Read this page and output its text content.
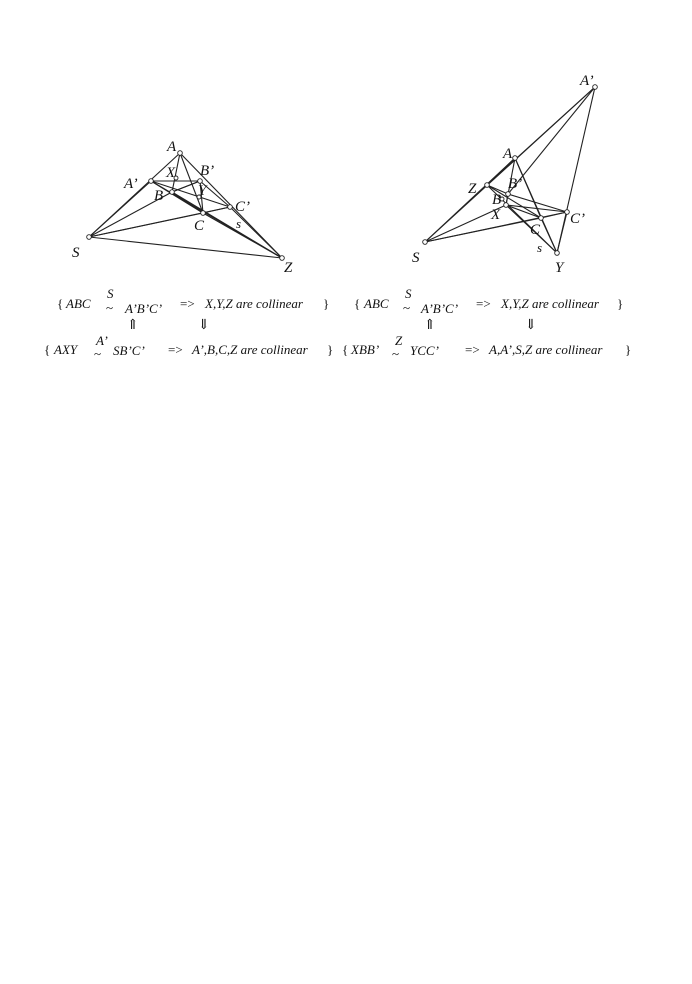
A
A’
B’
B
C
C’
X
Y
S
Z
s
A’
A
Z B’
B
X
C
C’
S
Y
s
{ ABC
S
~ A’B’C’ => X,Y,Z are collinear }
⇑	⇓
{ AXY
A’
~ SB’C’ => A’,B,C,Z are collinear }
{ ABC
S
~ A’B’C’ => X,Y,Z are collinear }
⇑	⇓
{ XBB’
Z
~ YCC’ => A,A’,S,Z are collinear }
